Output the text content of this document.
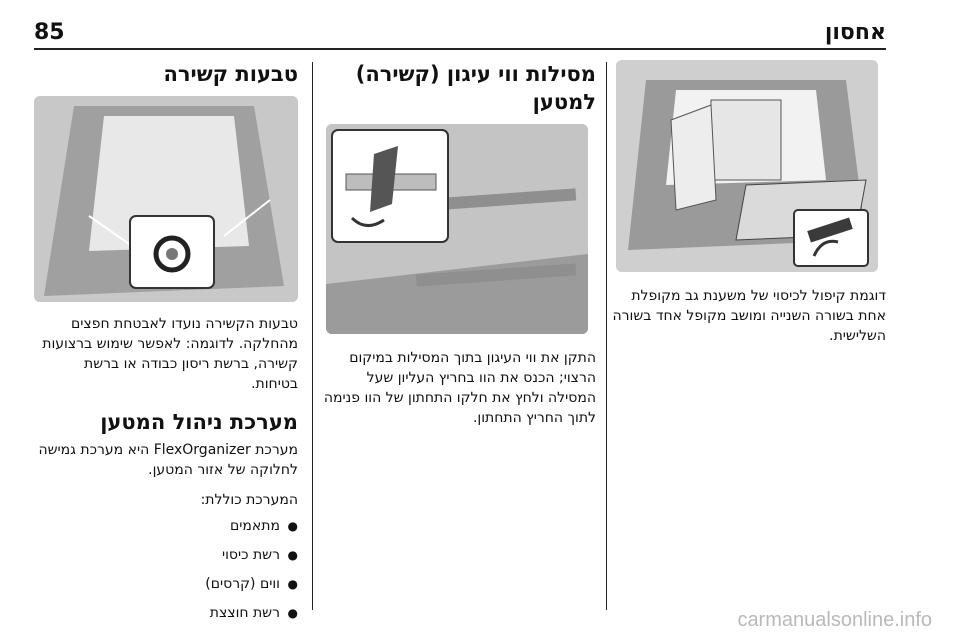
אחסון
85

דוגמת קיפול לכיסוי של משענת גב מקופלת אחת בשורה השנייה ומושב מקופל אחד בשורה השלישית.

מסילות ווי עיגון (קשירה) למטען

התקן את ווי העיגון בתוך המסילות במיקום הרצוי; הכנס את הוו בחריץ העליון שעל המסילה ולחץ את חלקו התחתון של הוו פנימה לתוך החריץ התחתון.

טבעות קשירה

טבעות הקשירה נועדו לאבטחת חפצים מהחלקה. לדוגמה: לאפשר שימוש ברצועות קשירה, ברשת ריסון כבודה או ברשת בטיחות.

מערכת ניהול המטען

מערכת FlexOrganizer היא מערכת גמישה לחלוקה של אזור המטען.

המערכת כוללת:

● מתאמים
● רשת כיסוי
● ווים (קרסים)
● רשת חוצצת	carmanualsonline.info
